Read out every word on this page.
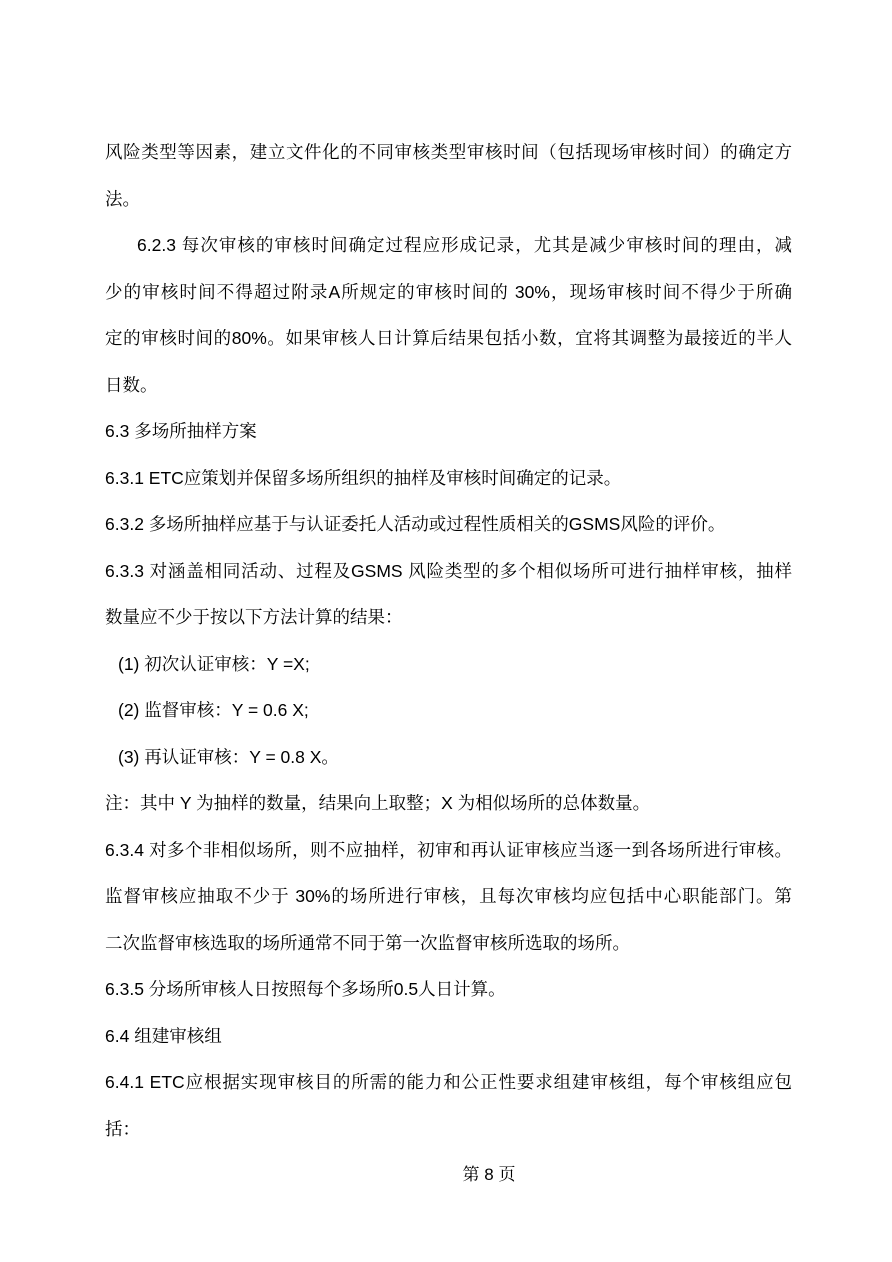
风险类型等因素，建立文件化的不同审核类型审核时间（包括现场审核时间）的确定方
法。
6.2.3 每次审核的审核时间确定过程应形成记录，尤其是减少审核时间的理由，减
少的审核时间不得超过附录A所规定的审核时间的 30%，现场审核时间不得少于所确
定的审核时间的80%。如果审核人日计算后结果包括小数，宜将其调整为最接近的半人
日数。
6.3 多场所抽样方案
6.3.1 ETC应策划并保留多场所组织的抽样及审核时间确定的记录。
6.3.2 多场所抽样应基于与认证委托人活动或过程性质相关的GSMS风险的评价。
6.3.3 对涵盖相同活动、过程及GSMS 风险类型的多个相似场所可进行抽样审核，抽样
数量应不少于按以下方法计算的结果：
(1) 初次认证审核：Y =X;
(2) 监督审核：Y = 0.6 X;
(3) 再认证审核：Y = 0.8 X。
注：其中 Y 为抽样的数量，结果向上取整；X 为相似场所的总体数量。
6.3.4 对多个非相似场所，则不应抽样，初审和再认证审核应当逐一到各场所进行审核。
监督审核应抽取不少于 30%的场所进行审核，且每次审核均应包括中心职能部门。第
二次监督审核选取的场所通常不同于第一次监督审核所选取的场所。
6.3.5 分场所审核人日按照每个多场所0.5人日计算。
6.4 组建审核组
6.4.1 ETC应根据实现审核目的所需的能力和公正性要求组建审核组，每个审核组应包
括：
第 8 页
